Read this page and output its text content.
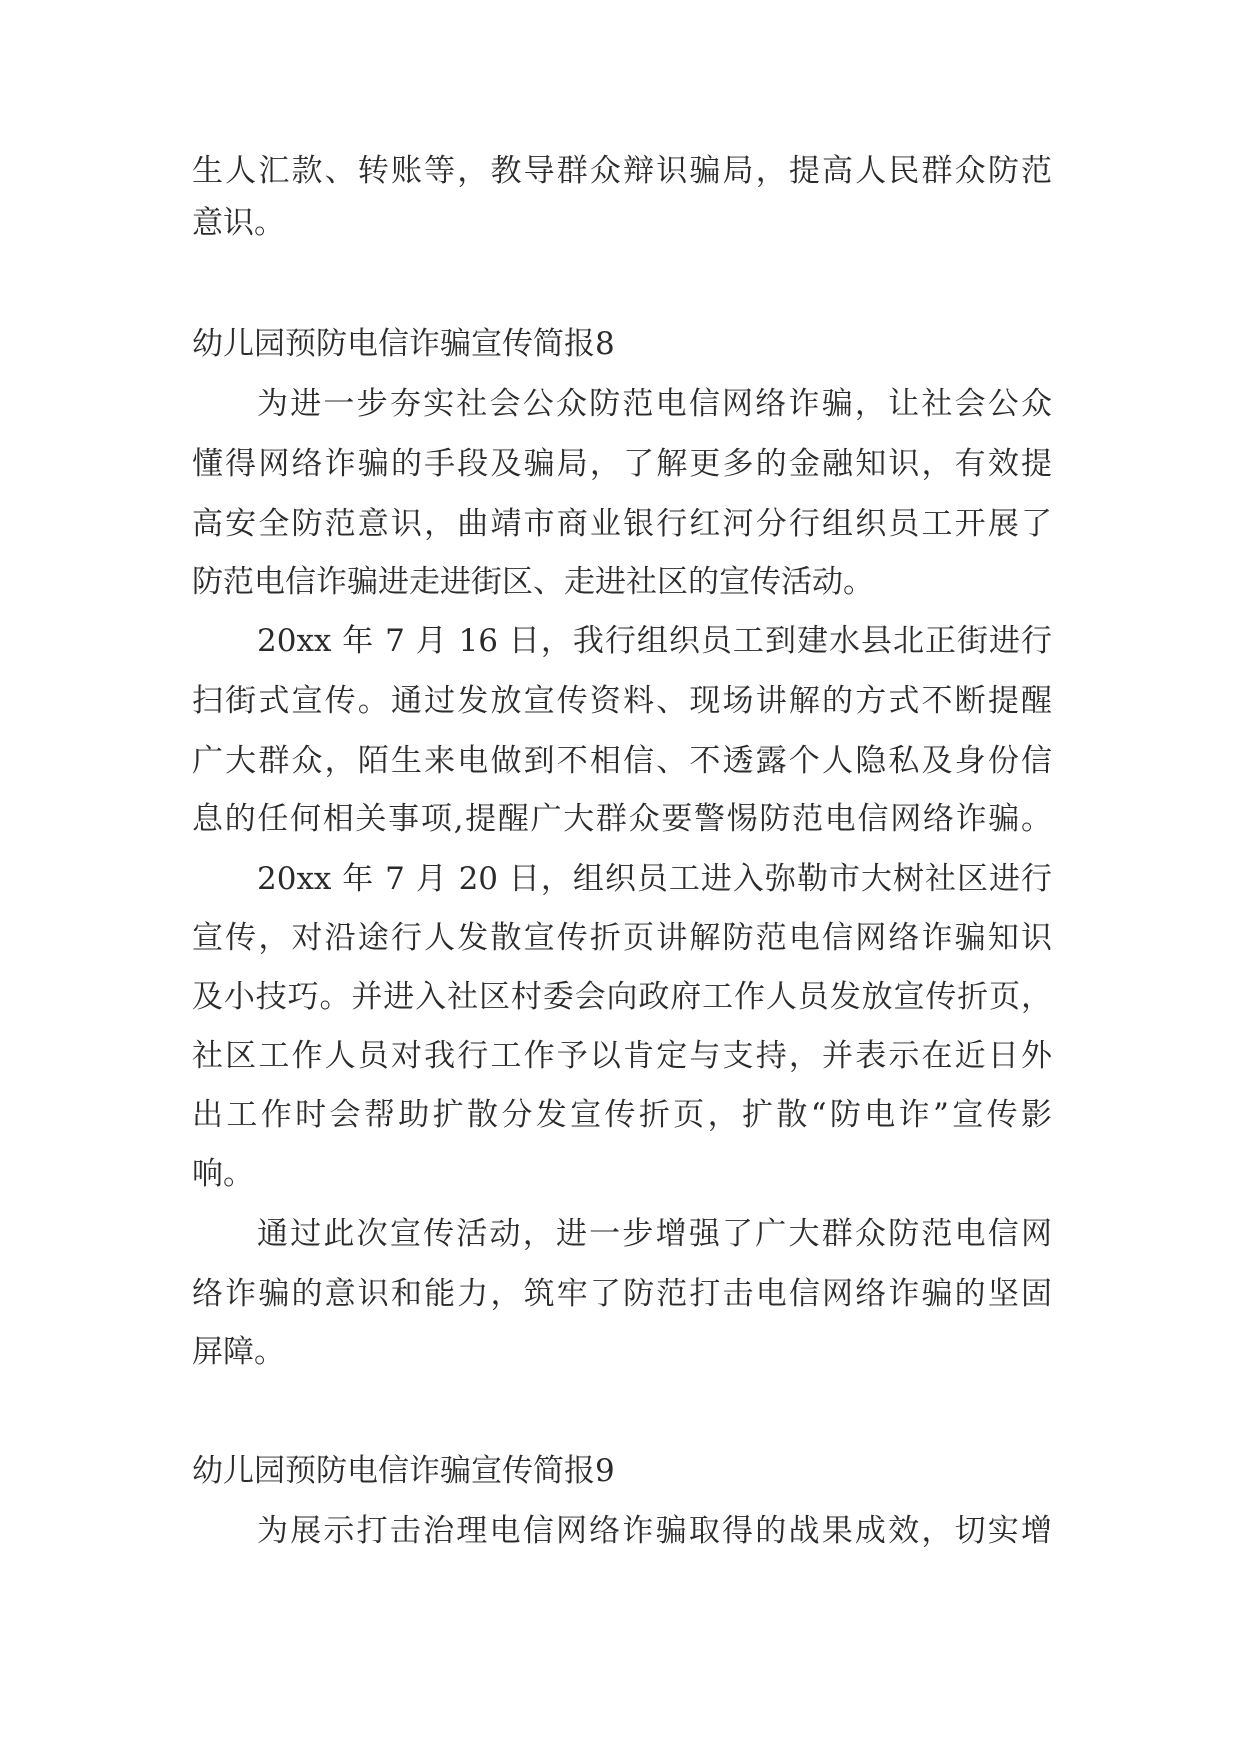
生人汇款、转账等，教导群众辩识骗局，提高人民群众防范

意识。

幼儿园预防电信诈骗宣传简报8

为进一步夯实社会公众防范电信网络诈骗，让社会公众

懂得网络诈骗的手段及骗局，了解更多的金融知识，有效提

高安全防范意识，曲靖市商业银行红河分行组织员工开展了

防范电信诈骗进走进街区、走进社区的宣传活动。

20xx 年 7 月 16 日，我行组织员工到建水县北正街进行

扫街式宣传。通过发放宣传资料、现场讲解的方式不断提醒

广大群众，陌生来电做到不相信、不透露个人隐私及身份信

息的任何相关事项,提醒广大群众要警惕防范电信网络诈骗。

20xx 年 7 月 20 日，组织员工进入弥勒市大树社区进行

宣传，对沿途行人发散宣传折页讲解防范电信网络诈骗知识

及小技巧。并进入社区村委会向政府工作人员发放宣传折页，

社区工作人员对我行工作予以肯定与支持，并表示在近日外

出工作时会帮助扩散分发宣传折页，扩散“防电诈”宣传影

响。

通过此次宣传活动，进一步增强了广大群众防范电信网

络诈骗的意识和能力，筑牢了防范打击电信网络诈骗的坚固

屏障。

幼儿园预防电信诈骗宣传简报9

为展示打击治理电信网络诈骗取得的战果成效，切实增
